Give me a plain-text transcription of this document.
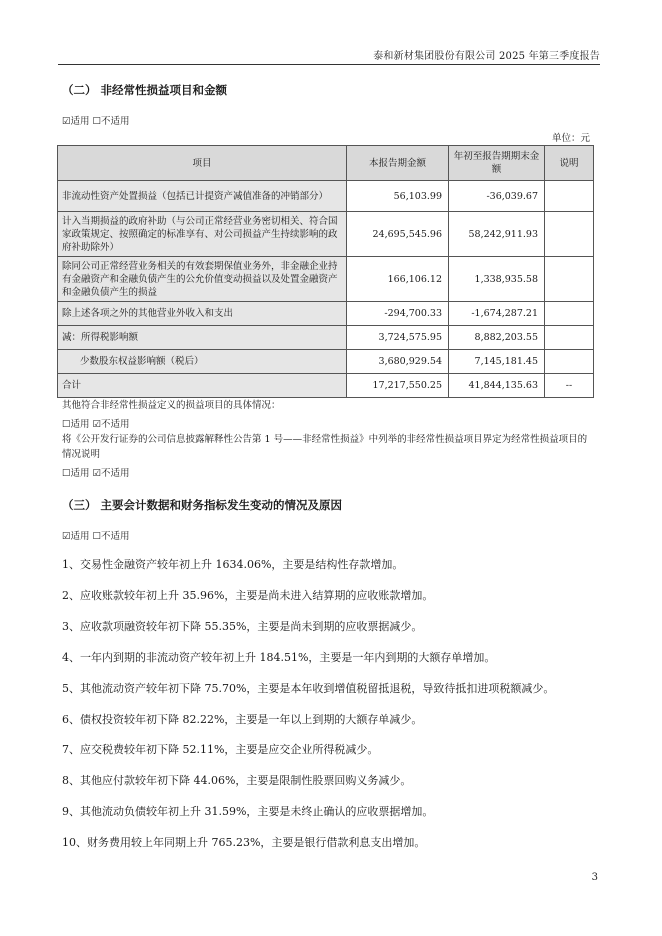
泰和新材集团股份有限公司 2025 年第三季度报告
（二） 非经常性损益项目和金额
☑适用 ☐不适用
单位：元
项目	本报告期金额	年初至报告期期末金额	说明
非流动性资产处置损益（包括已计提资产减值准备的冲销部分）	56,103.99	-36,039.67	
计入当期损益的政府补助（与公司正常经营业务密切相关、符合国家政策规定、按照确定的标准享有、对公司损益产生持续影响的政府补助除外）	24,695,545.96	58,242,911.93	
除同公司正常经营业务相关的有效套期保值业务外，非金融企业持有金融资产和金融负债产生的公允价值变动损益以及处置金融资产和金融负债产生的损益	166,106.12	1,338,935.58	
除上述各项之外的其他营业外收入和支出	-294,700.33	-1,674,287.21	
减：所得税影响额	3,724,575.95	8,882,203.55	
少数股东权益影响额（税后）	3,680,929.54	7,145,181.45	
合计	17,217,550.25	41,844,135.63	--
其他符合非经常性损益定义的损益项目的具体情况：
☐适用 ☑不适用
将《公开发行证券的公司信息披露解释性公告第 1 号——非经常性损益》中列举的非经常性损益项目界定为经常性损益项目的情况说明
☐适用 ☑不适用
（三） 主要会计数据和财务指标发生变动的情况及原因
☑适用 ☐不适用
1、交易性金融资产较年初上升 1634.06%，主要是结构性存款增加。
2、应收账款较年初上升 35.96%，主要是尚未进入结算期的应收账款增加。
3、应收款项融资较年初下降 55.35%，主要是尚未到期的应收票据减少。
4、一年内到期的非流动资产较年初上升 184.51%，主要是一年内到期的大额存单增加。
5、其他流动资产较年初下降 75.70%，主要是本年收到增值税留抵退税，导致待抵扣进项税额减少。
6、债权投资较年初下降 82.22%，主要是一年以上到期的大额存单减少。
7、应交税费较年初下降 52.11%，主要是应交企业所得税减少。
8、其他应付款较年初下降 44.06%，主要是限制性股票回购义务减少。
9、其他流动负债较年初上升 31.59%，主要是未终止确认的应收票据增加。
10、财务费用较上年同期上升 765.23%，主要是银行借款利息支出增加。
3
